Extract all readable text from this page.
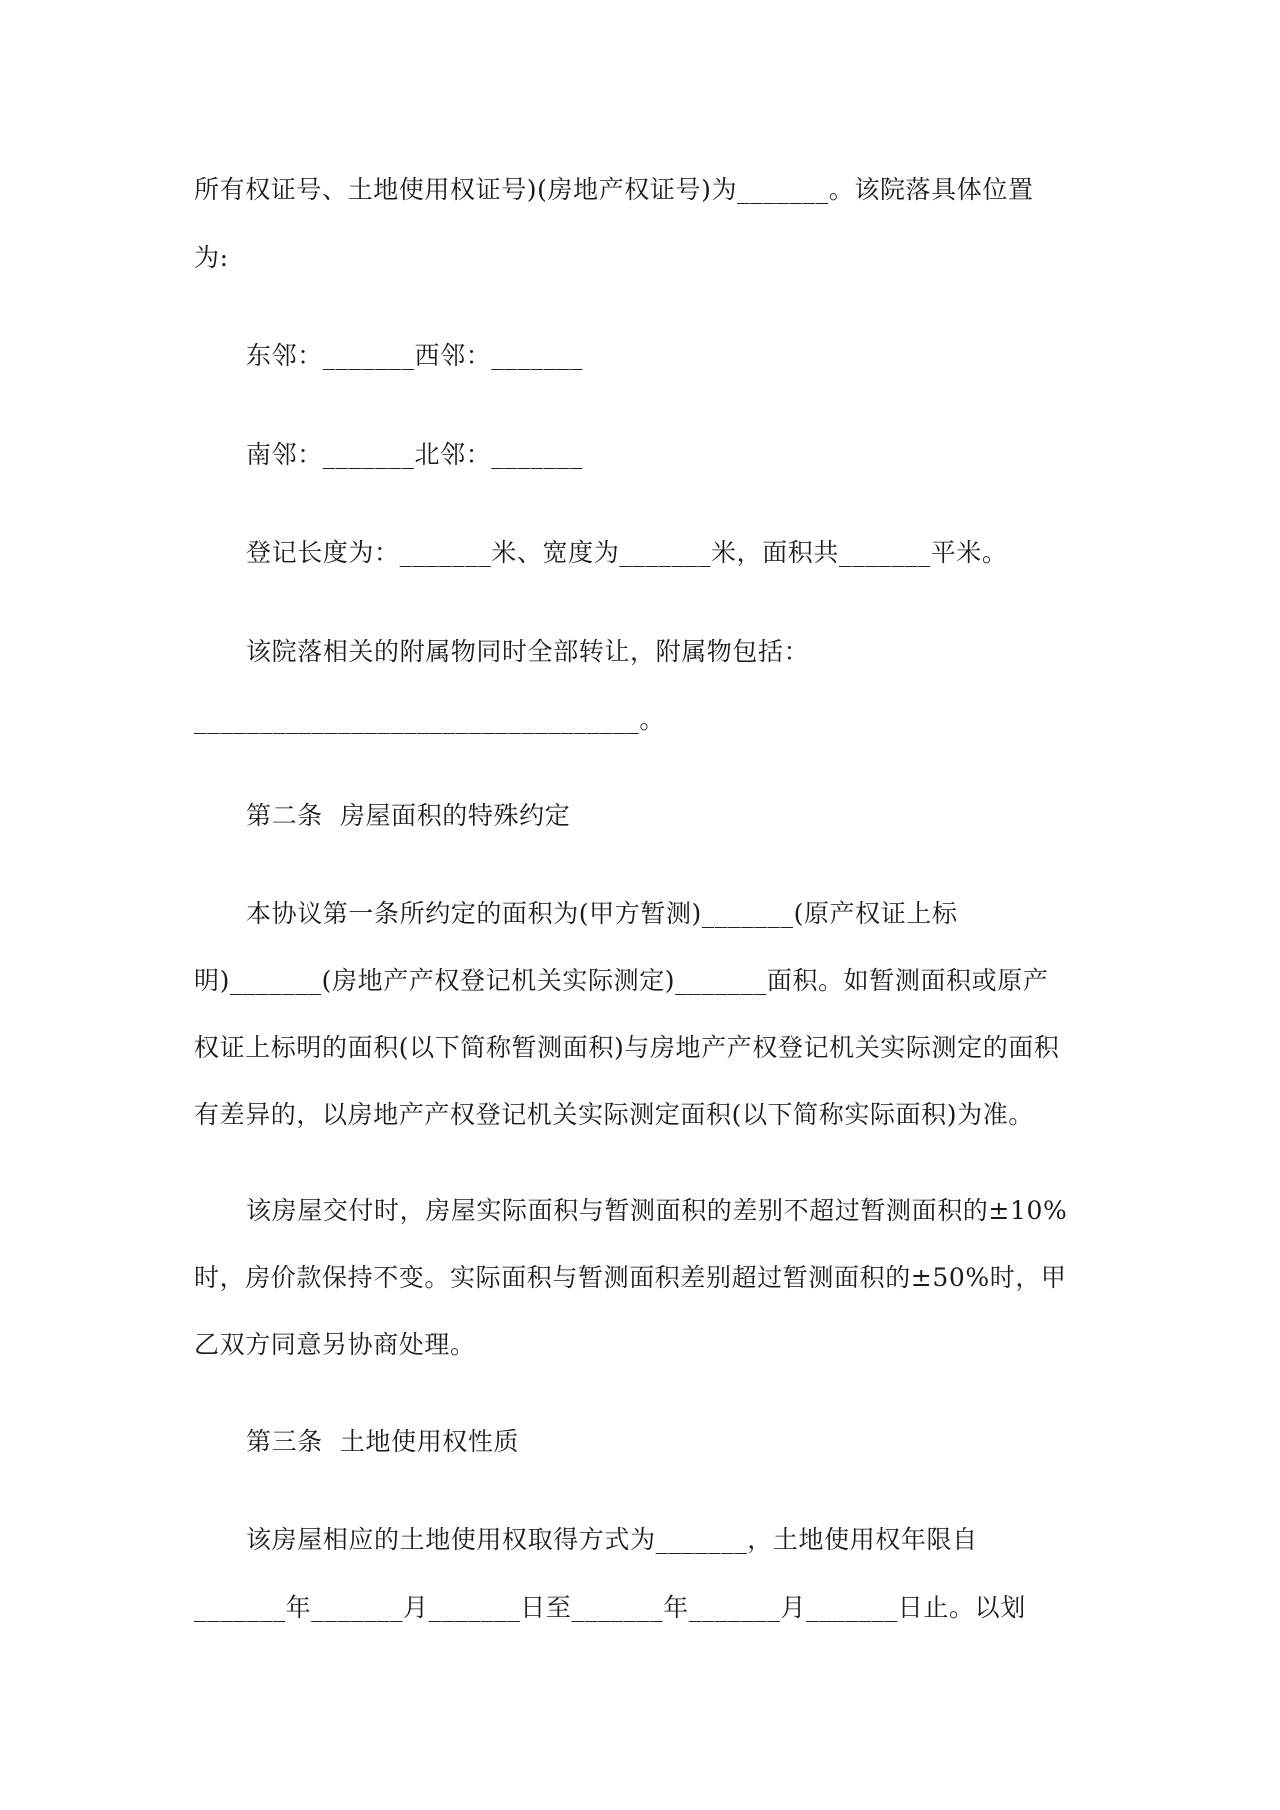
所有权证号、土地使用权证号)(房地产权证号)为_______。该院落具体位置
为:
东邻：_______西邻：_______
南邻：_______北邻：_______
登记长度为：_______米、宽度为_______米，面积共_______平米。
该院落相关的附属物同时全部转让，附属物包括：
__________________________________。
第二条  房屋面积的特殊约定
本协议第一条所约定的面积为(甲方暂测)_______(原产权证上标
明)_______(房地产产权登记机关实际测定)_______面积。如暂测面积或原产
权证上标明的面积(以下简称暂测面积)与房地产产权登记机关实际测定的面积
有差异的，以房地产产权登记机关实际测定面积(以下简称实际面积)为准。
该房屋交付时，房屋实际面积与暂测面积的差别不超过暂测面积的±10%
时，房价款保持不变。实际面积与暂测面积差别超过暂测面积的±50%时，甲
乙双方同意另协商处理。
第三条  土地使用权性质
该房屋相应的土地使用权取得方式为_______，土地使用权年限自
_______年_______月_______日至_______年_______月_______日止。以划
